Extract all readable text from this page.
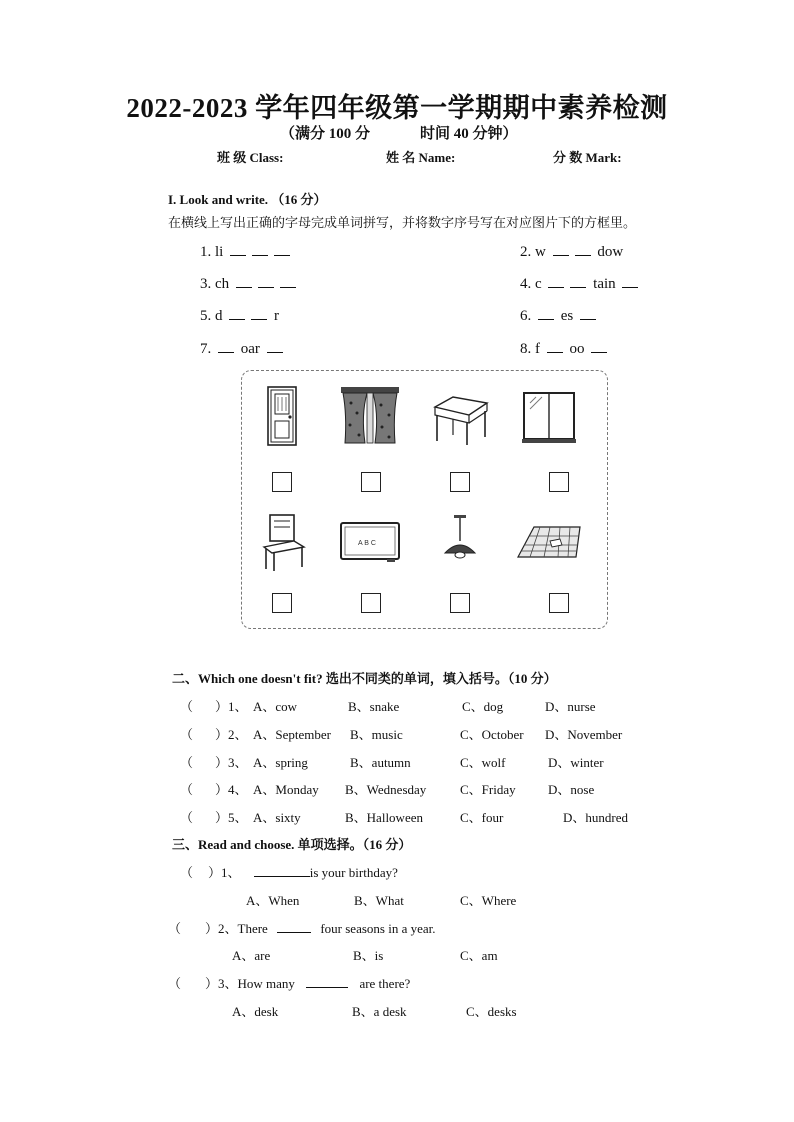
2022-2023 学年四年级第一学期期中素养检测
（满分 100 分	时间 40 分钟）
班 级 Class:	姓 名 Name:	分 数 Mark:
I. Look and write. （16 分）
在横线上写出正确的字母完成单词拼写，并将数字序号写在对应图片下的方框里。
1. li	2. w	dow
3. ch	4. c	tain
5. d	r	6. es
7. oar	8. f oo
A B C
二、Which one doesn't fit? 选出不同类的单词，填入括号。（10 分）
（ ）1、 A、cow	B、snake	C、dog	D、nurse
（ ）2、 A、September B、music	C、October D、November
（ ）3、 A、spring	B、autumn	C、wolf	D、winter
（ ）4、 A、Monday B、Wednesday	C、Friday D、nose
（ ）5、 A、sixty	B、Halloween	C、four	D、hundred
三、Read and choose. 单项选择。（16 分）
（ ）1、	is your birthday?
A、When	B、What	C、Where
（ ）2、There	four seasons in a year.
A、are	B、is	C、am
（ ）3、How many	are there?
A、desk	B、a desk	C、desks
